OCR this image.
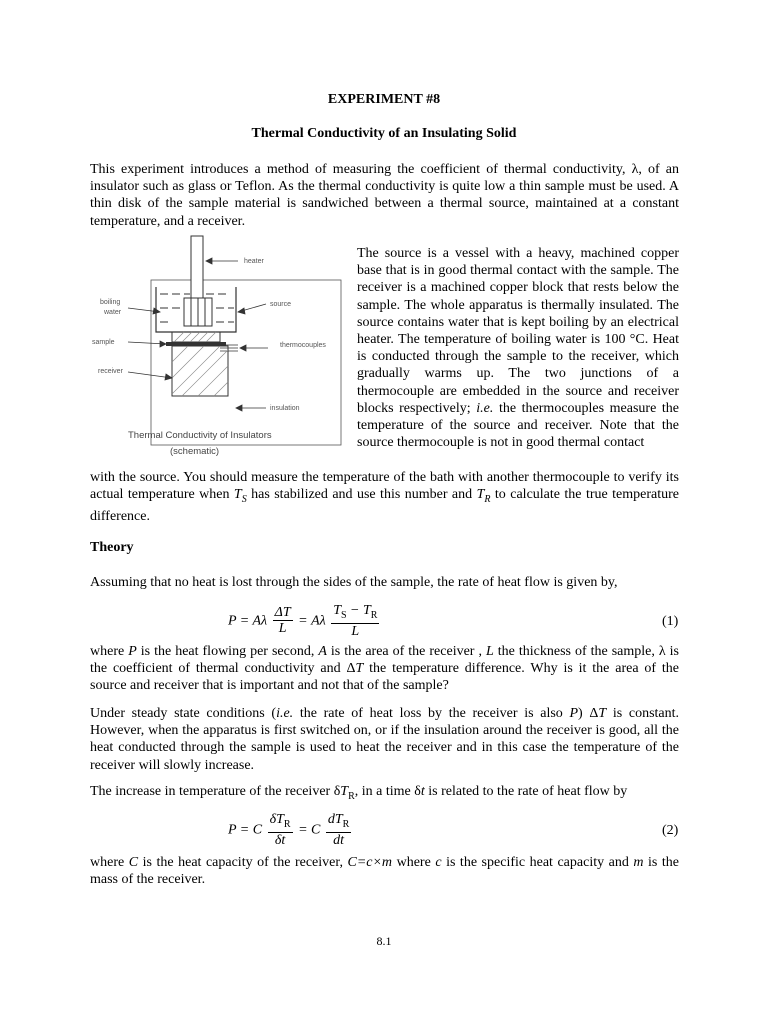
EXPERIMENT #8
Thermal Conductivity of an Insulating Solid

This experiment introduces a method of measuring the coefficient of thermal conductivity, λ, of an insulator such as glass or Teflon. As the thermal conductivity is quite low a thin sample must be used. A thin disk of the sample material is sandwiched between a thermal source, maintained at a constant temperature, and a receiver.

heater
boiling
water
source
sample	thermocouples
receiver
insulation
Thermal Conductivity of Insulators
(schematic)

The source is a vessel with a heavy, machined copper base that is in good thermal contact with the sample. The receiver is a machined copper block that rests below the sample. The whole apparatus is thermally insulated. The source contains water that is kept boiling by an electrical heater. The temperature of boiling water is 100 °C. Heat is conducted through the sample to the receiver, which gradually warms up. The two junctions of a thermocouple are embedded in the source and receiver blocks respectively; i.e. the thermocouples measure the temperature of the source and receiver. Note that the source thermocouple is not in good thermal contact

with the source. You should measure the temperature of the bath with another thermocouple to verify its actual temperature when $T_S$ has stabilized and use this number and $T_R$ to calculate the true temperature difference.

Theory

Assuming that no heat is lost through the sides of the sample, the rate of heat flow is given by,

P = Aλ $\frac{\Delta T}{L} = A\lambda \frac{T_S - T_R}{L}$	(1)

where P is the heat flowing per second, A is the area of the receiver , L the thickness of the sample, λ is the coefficient of thermal conductivity and ΔT the temperature difference. Why is it the area of the source and receiver that is important and not that of the sample?

Under steady state conditions (i.e. the rate of heat loss by the receiver is also P) ΔT is constant. However, when the apparatus is first switched on, or if the insulation around the receiver is good, all the heat conducted through the sample is used to heat the receiver and in this case the temperature of the receiver will slowly increase.

The increase in temperature of the receiver $\delta T_R$, in a time δt is related to the rate of heat flow by

P = C $\frac{\delta T_R}{\delta t} = C \frac{dT_R}{dt}$	(2)

where C is the heat capacity of the receiver, C=c×m where c is the specific heat capacity and m is the mass of the receiver.

8.1
